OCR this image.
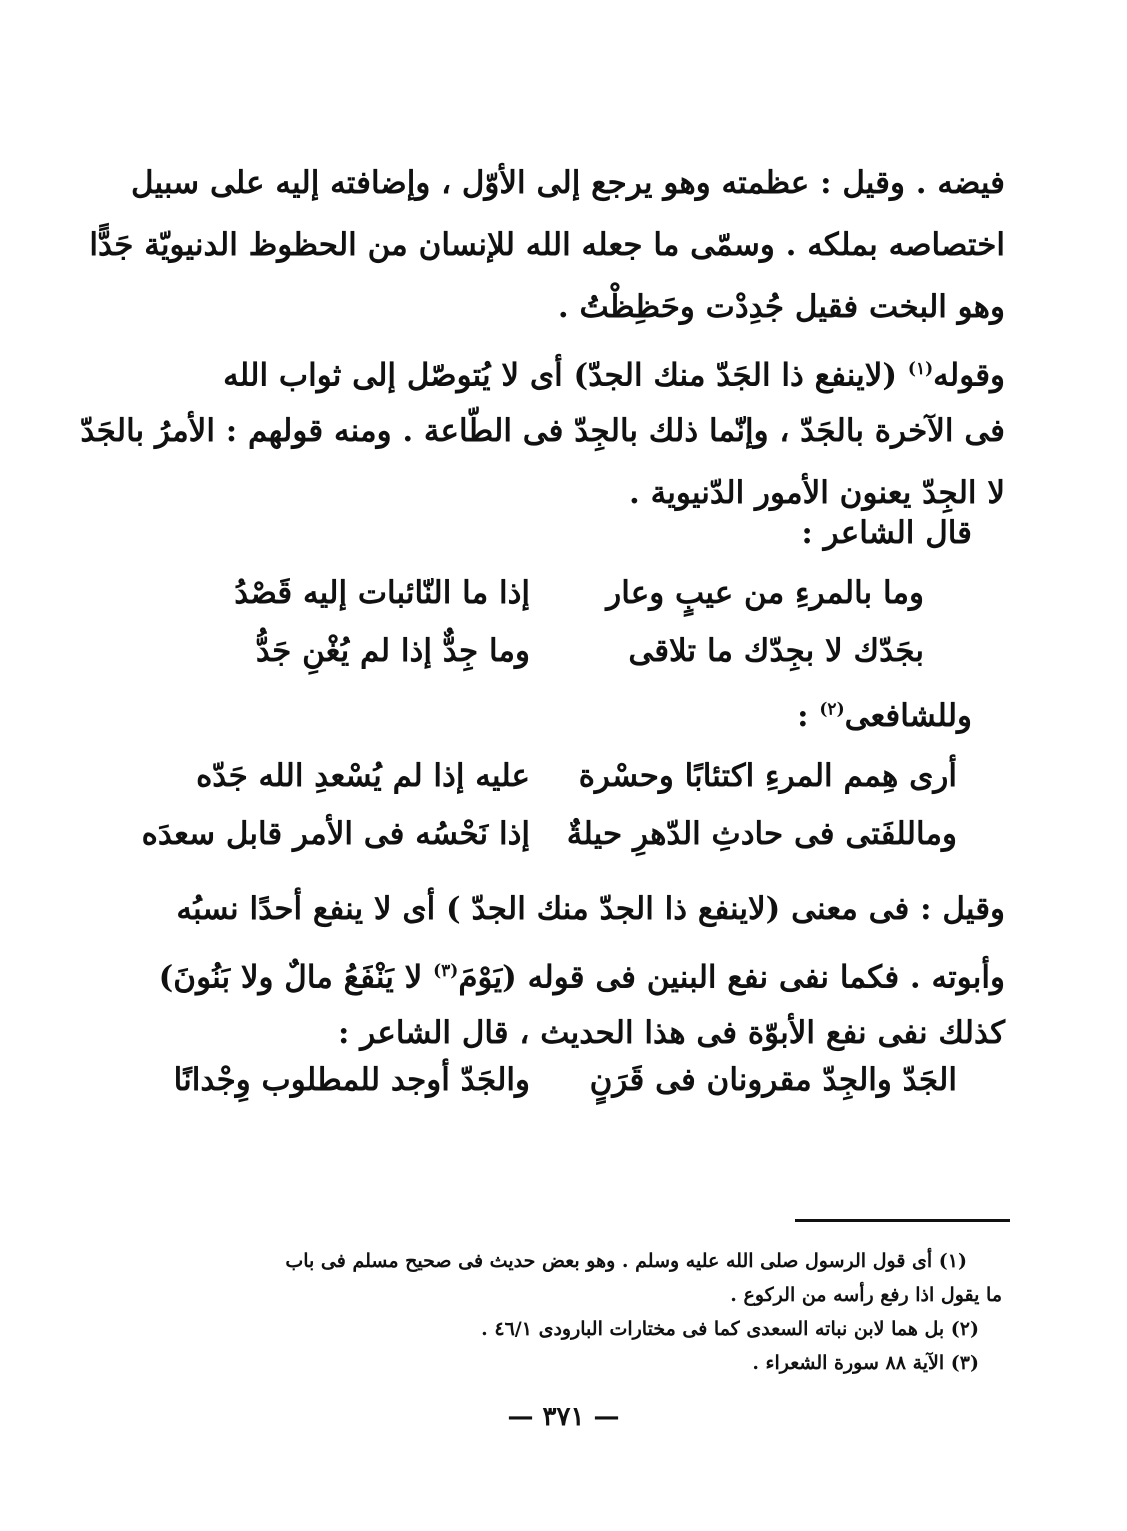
فيضه . وقيل : عظمته وهو يرجع إلى الأوّل ، وإضافته إليه على سبيل
اختصاصه بملكه . وسمّى ما جعله الله للإنسان من الحظوظ الدنيويّة جَدًّا
وهو البخت فقيل جُدِدْت وحَظِظْتُ .
وقوله$^{(١)}$ (لاينفع ذا الجَدّ منك الجدّ) أى لا يُتوصّل إلى ثواب الله
فى الآخرة بالجَدّ ، وإنّما ذلك بالجِدّ فى الطّاعة . ومنه قولهم : الأمرُ بالجَدّ
لا الجِدّ يعنون الأمور الدّنيوية .
قال الشاعر :
وما بالمرءِ من عيبٍ وعار
إذا ما النّائبات إليه قَصْدُ
بجَدّك لا بجِدّك ما تلاقى
وما جِدٌّ إذا لم يُغْنِ جَدُّ
وللشافعى$^{(٢)}$ :
أرى هِمم المرءِ اكتئابًا وحسْرة
عليه إذا لم يُسْعدِ الله جَدّه
وماللفَتى فى حادثِ الدّهرِ حيلةٌ
إذا نَحْسُه فى الأمر قابل سعدَه
وقيل : فى معنى (لاينفع ذا الجدّ منك الجدّ ) أى لا ينفع أحدًا نسبُه
وأبوته . فكما نفى نفع البنين فى قوله (يَوْمَ$^{(٣)}$ لا يَنْفَعُ مالٌ ولا بَنُونَ)
كذلك نفى نفع الأبوّة فى هذا الحديث ، قال الشاعر :
الجَدّ والجِدّ مقرونان فى قَرَنٍ
والجَدّ أوجد للمطلوب وِجْدانًا
(١) أى قول الرسول صلى الله عليه وسلم . وهو بعض حديث فى صحيح مسلم فى باب
ما يقول اذا رفع رأسه من الركوع .
(٢) بل هما لابن نباته السعدى كما فى مختارات البارودى ٤٦/١ .
(٣) الآية ٨٨ سورة الشعراء .
— ٣٧١ —
